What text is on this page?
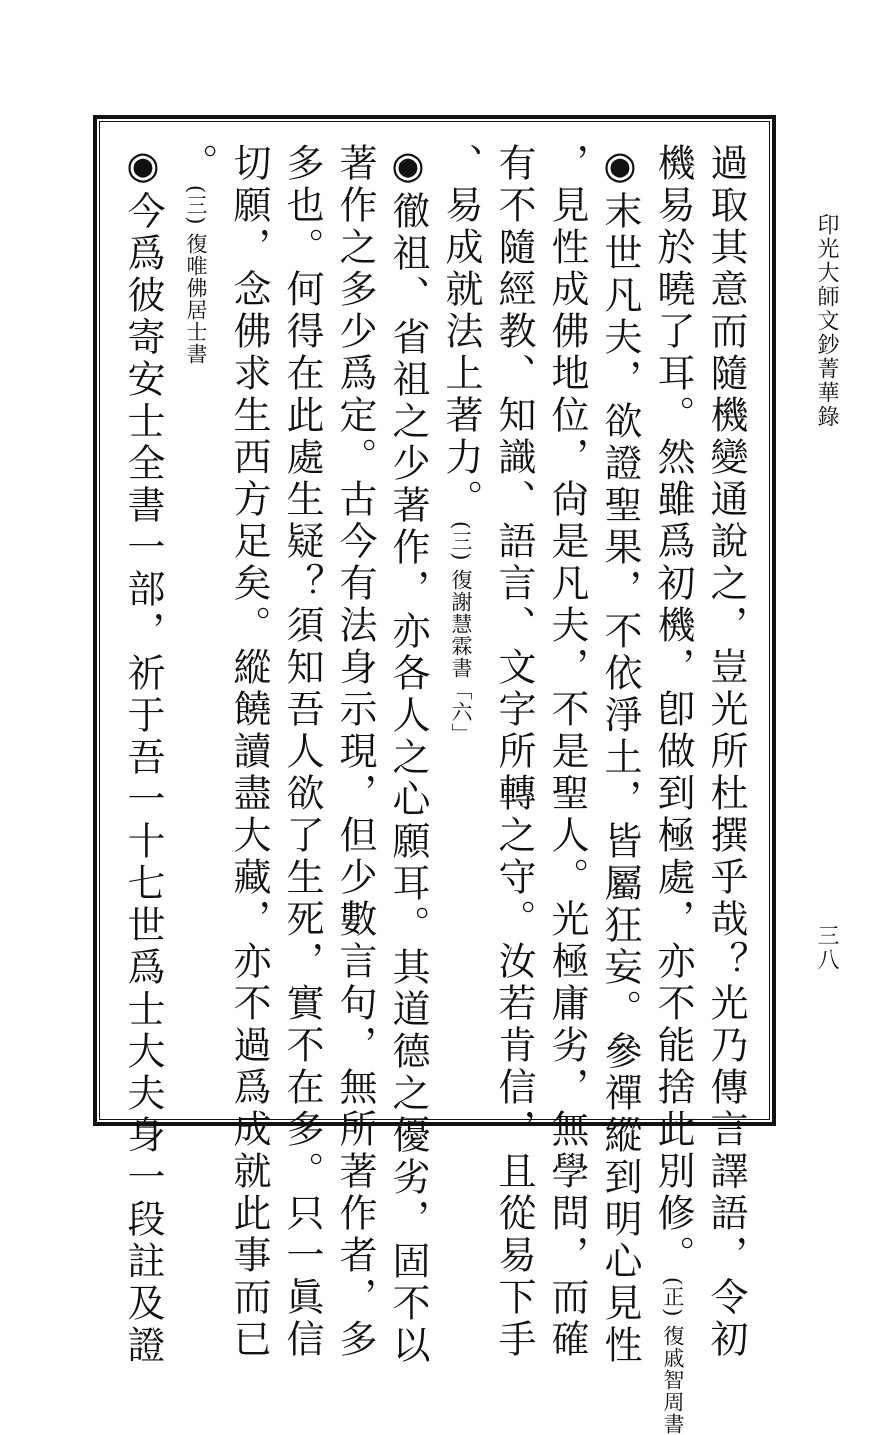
印光大師文鈔菁華錄
三八
過取其意而隨機變通說之，豈光所杜撰乎哉？光乃傳言譯語，令初
機易於曉了耳。然雖爲初機，卽做到極處，亦不能捨此別修。(正) 復戚智周書
◉末世凡夫，欲證聖果，不依淨土，皆屬狂妄。參禪縱到明心見性
，見性成佛地位，尙是凡夫，不是聖人。光極庸劣，無學問，而確
有不隨經教、知識、語言、文字所轉之守。汝若肯信，且從易下手
、易成就法上著力。(三) 復謝慧霖書「六」
◉徹祖、省祖之少著作，亦各人之心願耳。其道德之優劣，固不以
著作之多少爲定。古今有法身示現，但少數言句，無所著作者，多
多也。何得在此處生疑？須知吾人欲了生死，實不在多。只一眞信
切願，念佛求生西方足矣。縱饒讀盡大藏，亦不過爲成就此事而已
。(三) 復唯佛居士書
◉今爲彼寄安士全書一部，祈于吾一十七世爲士大夫身一段註及證
